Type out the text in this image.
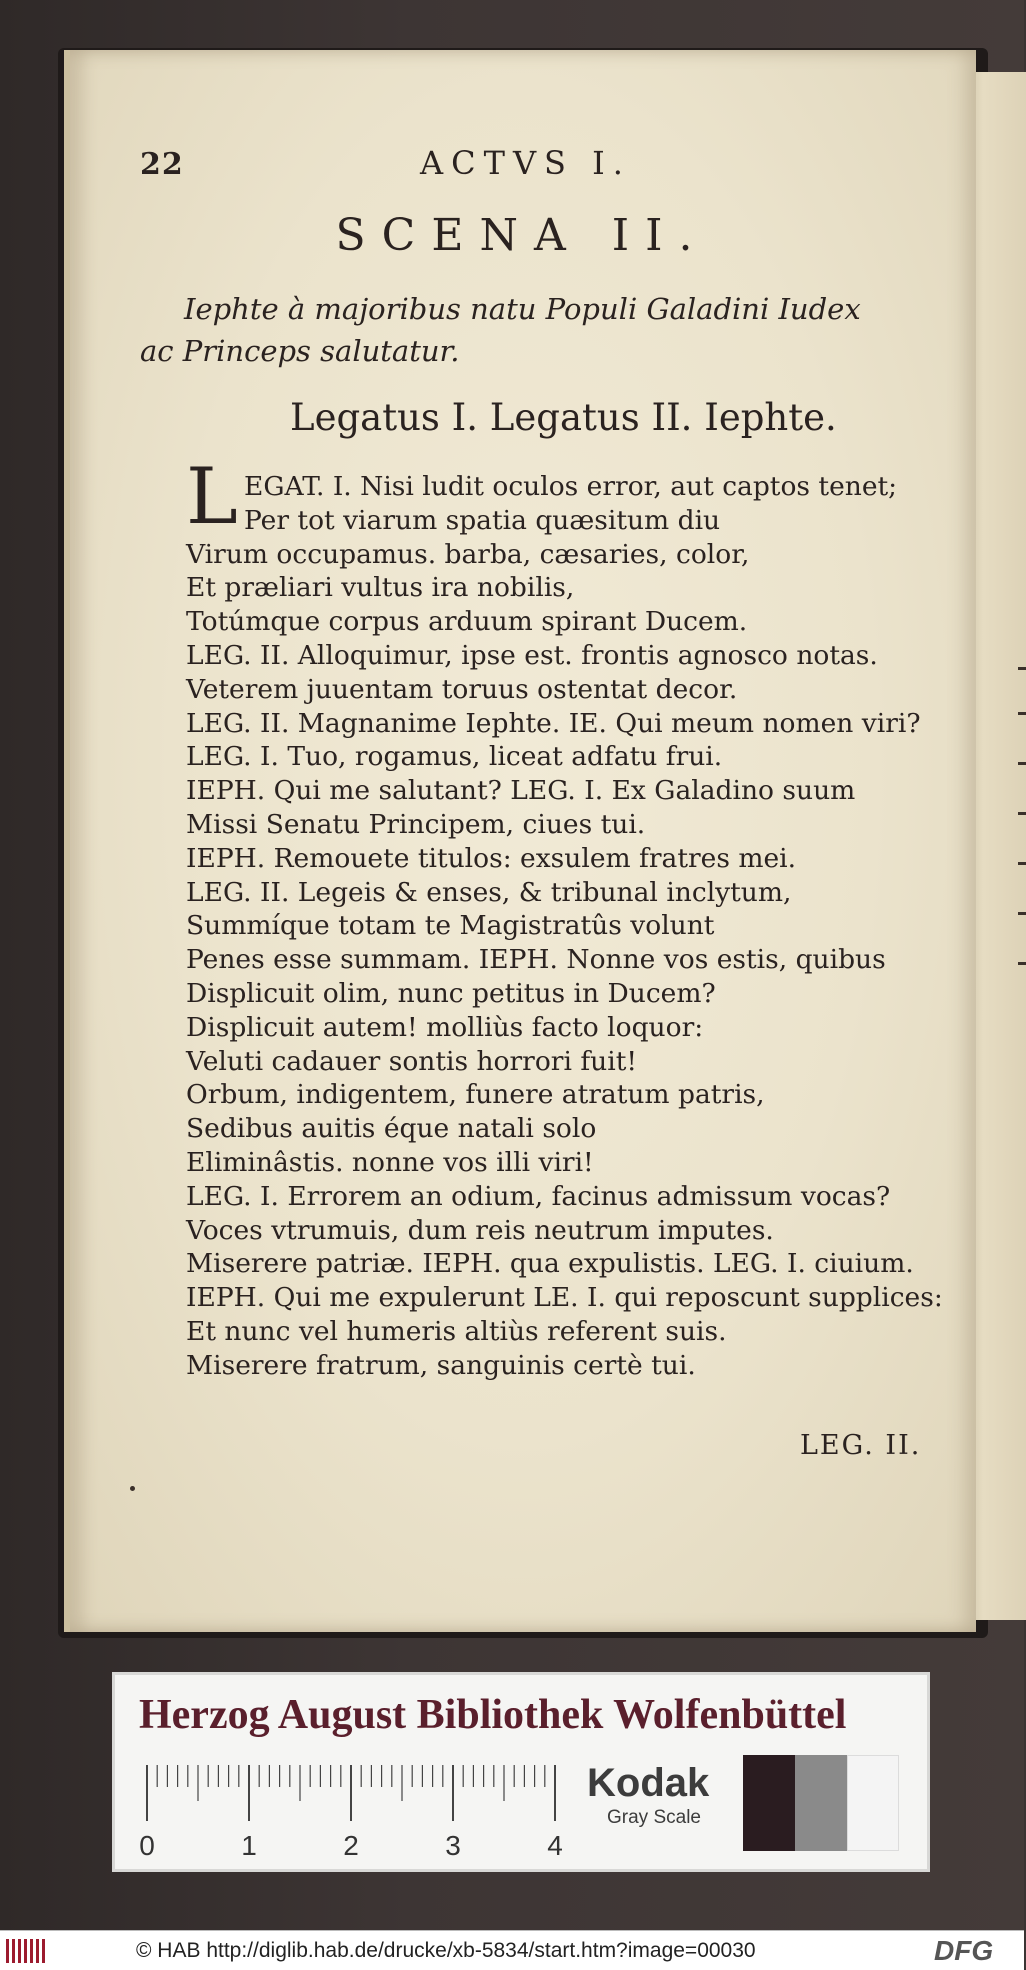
22	ACTVS I.
SCENA II.
Iephte à majoribus natu Populi Galadini Iudex
ac Princeps salutatur.
Legatus I. Legatus II. Iephte.
L EGAT. I. Nisi ludit oculos error, aut captos tenet;
Per tot viarum spatia quæsitum diu
Virum occupamus. barba, cæsaries, color,
Et præliari vultus ira nobilis,
Totúmque corpus arduum spirant Ducem.
LEG. II. Alloquimur, ipse est. frontis agnosco notas.
Veterem juuentam toruus ostentat decor.
LEG. II. Magnanime Iephte. IE. Qui meum nomen viri?
LEG. I. Tuo, rogamus, liceat adfatu frui.
IEPH. Qui me salutant? LEG. I. Ex Galadino suum
Missi Senatu Principem, ciues tui.
IEPH. Remouete titulos: exsulem fratres mei.
LEG. II. Legeis & enses, & tribunal inclytum,
Summíque totam te Magistratûs volunt
Penes esse summam. IEPH. Nonne vos estis, quibus
Displicuit olim, nunc petitus in Ducem?
Displicuit autem! molliùs facto loquor:
Veluti cadauer sontis horrori fuit!
Orbum, indigentem, funere atratum patris,
Sedibus auitis éque natali solo
Eliminâstis. nonne vos illi viri!
LEG. I. Errorem an odium, facinus admissum vocas?
Voces vtrumuis, dum reis neutrum imputes.
Miserere patriæ. IEPH. qua expulistis. LEG. I. ciuium.
IEPH. Qui me expulerunt LE. I. qui reposcunt supplices:
Et nunc vel humeris altiùs referent suis.
Miserere fratrum, sanguinis certè tui.
LEG. II.
Herzog August Bibliothek Wolfenbüttel
0	1	2	3	4
Kodak
Gray Scale
© HAB http://diglib.hab.de/drucke/xb-5834/start.htm?image=00030	DFG
